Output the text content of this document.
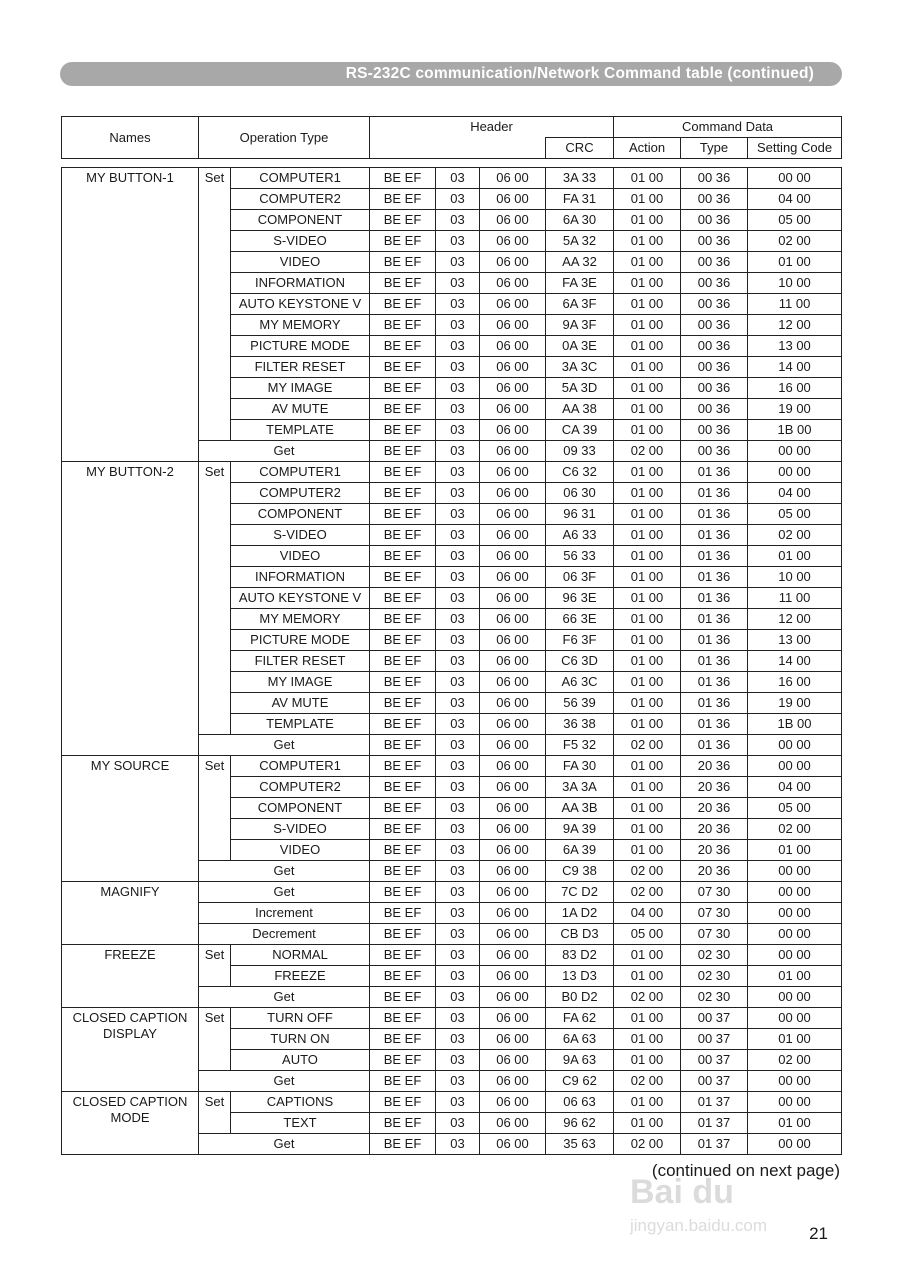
RS-232C communication/Network Command table (continued)
Names	Operation Type		Header				Command Data		
						CRC	Action	Type	Setting Code

MY BUTTON-1	Set	COMPUTER1	BE EF	03	06 00	3A 33	01 00	00 36	00 00
		COMPUTER2	BE EF	03	06 00	FA 31	01 00	00 36	04 00
		COMPONENT	BE EF	03	06 00	6A 30	01 00	00 36	05 00
		S-VIDEO	BE EF	03	06 00	5A 32	01 00	00 36	02 00
		VIDEO	BE EF	03	06 00	AA 32	01 00	00 36	01 00
		INFORMATION	BE EF	03	06 00	FA 3E	01 00	00 36	10 00
		AUTO KEYSTONE V	BE EF	03	06 00	6A 3F	01 00	00 36	11 00
		MY MEMORY	BE EF	03	06 00	9A 3F	01 00	00 36	12 00
		PICTURE MODE	BE EF	03	06 00	0A 3E	01 00	00 36	13 00
		FILTER RESET	BE EF	03	06 00	3A 3C	01 00	00 36	14 00
		MY IMAGE	BE EF	03	06 00	5A 3D	01 00	00 36	16 00
		AV MUTE	BE EF	03	06 00	AA 38	01 00	00 36	19 00
		TEMPLATE	BE EF	03	06 00	CA 39	01 00	00 36	1B 00
	Get		BE EF	03	06 00	09 33	02 00	00 36	00 00
MY BUTTON-2	Set	COMPUTER1	BE EF	03	06 00	C6 32	01 00	01 36	00 00
		COMPUTER2	BE EF	03	06 00	06 30	01 00	01 36	04 00
		COMPONENT	BE EF	03	06 00	96 31	01 00	01 36	05 00
		S-VIDEO	BE EF	03	06 00	A6 33	01 00	01 36	02 00
		VIDEO	BE EF	03	06 00	56 33	01 00	01 36	01 00
		INFORMATION	BE EF	03	06 00	06 3F	01 00	01 36	10 00
		AUTO KEYSTONE V	BE EF	03	06 00	96 3E	01 00	01 36	11 00
		MY MEMORY	BE EF	03	06 00	66 3E	01 00	01 36	12 00
		PICTURE MODE	BE EF	03	06 00	F6 3F	01 00	01 36	13 00
		FILTER RESET	BE EF	03	06 00	C6 3D	01 00	01 36	14 00
		MY IMAGE	BE EF	03	06 00	A6 3C	01 00	01 36	16 00
		AV MUTE	BE EF	03	06 00	56 39	01 00	01 36	19 00
		TEMPLATE	BE EF	03	06 00	36 38	01 00	01 36	1B 00
	Get		BE EF	03	06 00	F5 32	02 00	01 36	00 00
MY SOURCE	Set	COMPUTER1	BE EF	03	06 00	FA 30	01 00	20 36	00 00
		COMPUTER2	BE EF	03	06 00	3A 3A	01 00	20 36	04 00
		COMPONENT	BE EF	03	06 00	AA 3B	01 00	20 36	05 00
		S-VIDEO	BE EF	03	06 00	9A 39	01 00	20 36	02 00
		VIDEO	BE EF	03	06 00	6A 39	01 00	20 36	01 00
	Get		BE EF	03	06 00	C9 38	02 00	20 36	00 00
MAGNIFY	Get		BE EF	03	06 00	7C D2	02 00	07 30	00 00
	Increment		BE EF	03	06 00	1A D2	04 00	07 30	00 00
	Decrement		BE EF	03	06 00	CB D3	05 00	07 30	00 00
FREEZE	Set	NORMAL	BE EF	03	06 00	83 D2	01 00	02 30	00 00
		FREEZE	BE EF	03	06 00	13 D3	01 00	02 30	01 00
	Get		BE EF	03	06 00	B0 D2	02 00	02 30	00 00
CLOSED CAPTION DISPLAY	Set	TURN OFF	BE EF	03	06 00	FA 62	01 00	00 37	00 00
		TURN ON	BE EF	03	06 00	6A 63	01 00	00 37	01 00
		AUTO	BE EF	03	06 00	9A 63	01 00	00 37	02 00
	Get		BE EF	03	06 00	C9 62	02 00	00 37	00 00
CLOSED CAPTION MODE	Set	CAPTIONS	BE EF	03	06 00	06 63	01 00	01 37	00 00
		TEXT	BE EF	03	06 00	96 62	01 00	01 37	01 00
	Get		BE EF	03	06 00	35 63	02 00	01 37	00 00
(continued on next page)
21
Bai du
jingyan.baidu.com
